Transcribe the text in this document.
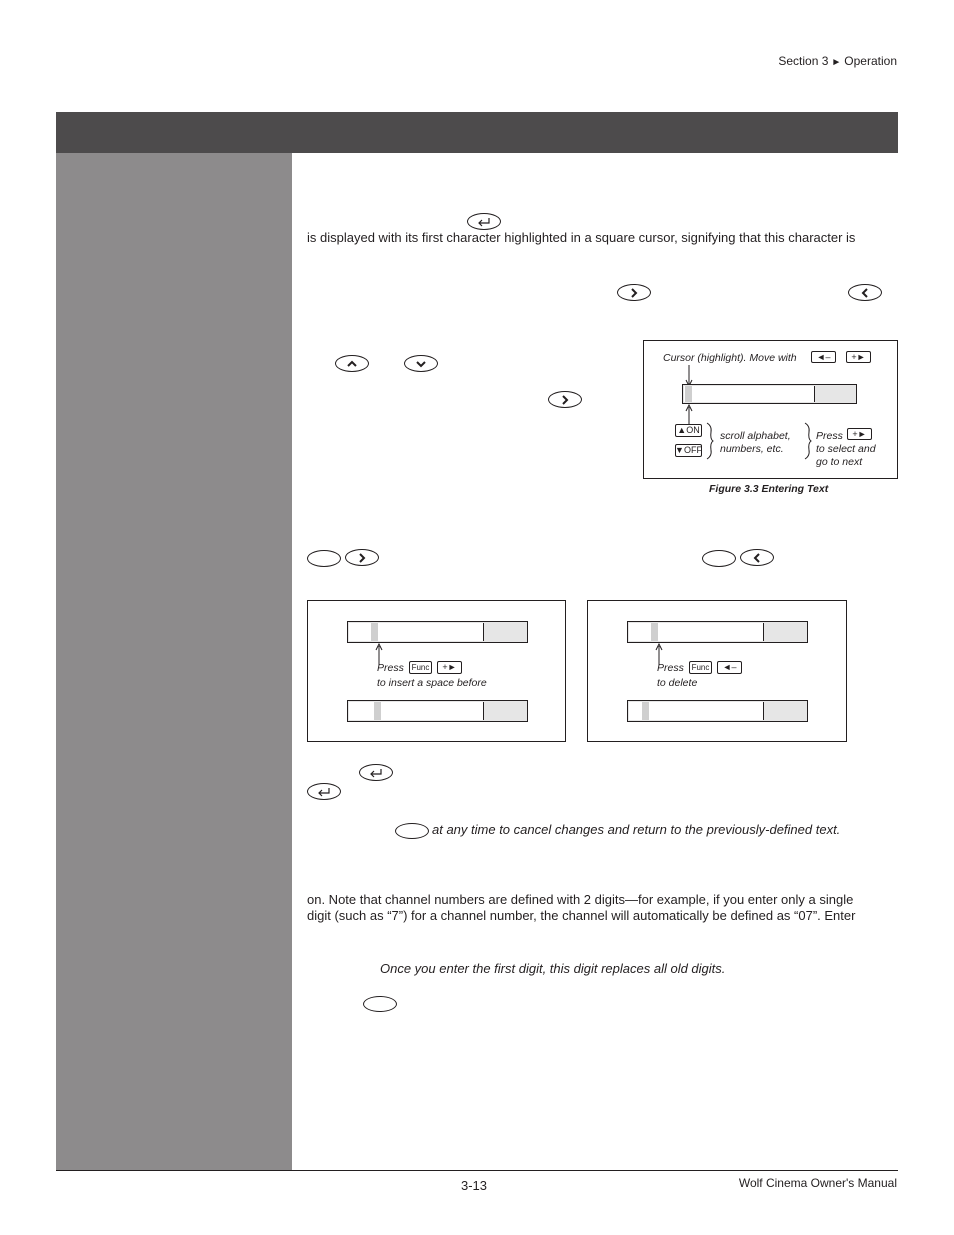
Section 3 ► Operation
is displayed with its first character highlighted in a square cursor, signifying that this character is
Cursor (highlight). Move with	◄–	+►
▲ON
▼OFF
scroll alphabet,
numbers, etc.
Press	+►
to select and
go to next
Figure 3.3 Entering Text
Press Func	+►
to insert a space before
Press Func	◄–
to delete
at any time to cancel changes and return to the previously-defined text.
on. Note that channel numbers are defined with 2 digits—for example, if you enter only a single
digit (such as “7”) for a channel number, the channel will automatically be defined as “07”. Enter
Once you enter the first digit, this digit replaces all old digits.
3-13	Wolf Cinema Owner's Manual
